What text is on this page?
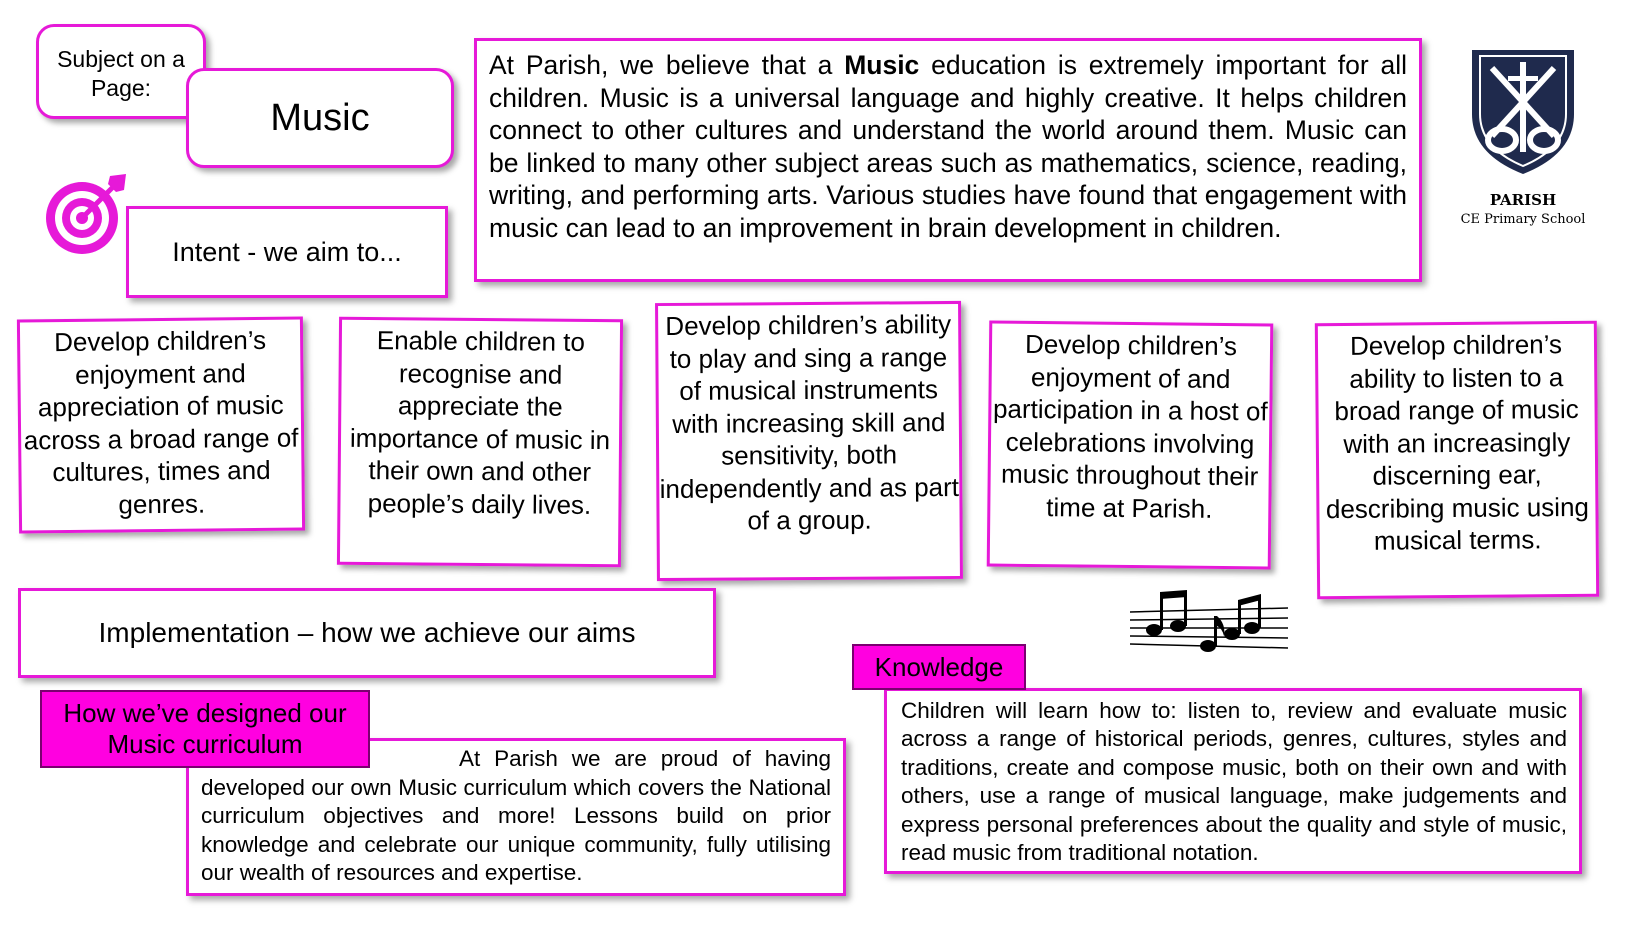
Subject on a Page:
Music
Intent - we aim to...
At Parish, we believe that a Music education is extremely important for all children. Music is a universal language and highly creative. It helps children connect to other cultures and understand the world around them. Music can be linked to many other subject areas such as mathematics, science, reading, writing, and performing arts. Various studies have found that engagement with music can lead to an improvement in brain development in children.
PARISH
CE Primary School
Develop children’s enjoyment and appreciation of music across a broad range of cultures, times and genres.
Enable children to recognise and appreciate the importance of music in their own and other people’s daily lives.
Develop children’s ability to play and sing a range of musical instruments with increasing skill and sensitivity, both independently and as part of a group.
Develop children’s enjoyment of and participation in a host of celebrations involving music throughout their time at Parish.
Develop children’s ability to listen to a broad range of music with an increasingly discerning ear, describing music using musical terms.
Implementation – how we achieve our aims
Knowledge
Children will learn how to: listen to, review and evaluate music across a range of historical periods, genres, cultures, styles and traditions, create and compose music, both on their own and with others, use a range of musical language, make judgements and express personal preferences about the quality and style of music, read music from traditional notation.
How we’ve designed our Music curriculum	At Parish we are proud of having developed our own Music curriculum which covers the National curriculum objectives and more! Lessons build on prior knowledge and celebrate our unique community, fully utilising our wealth of resources and expertise.
